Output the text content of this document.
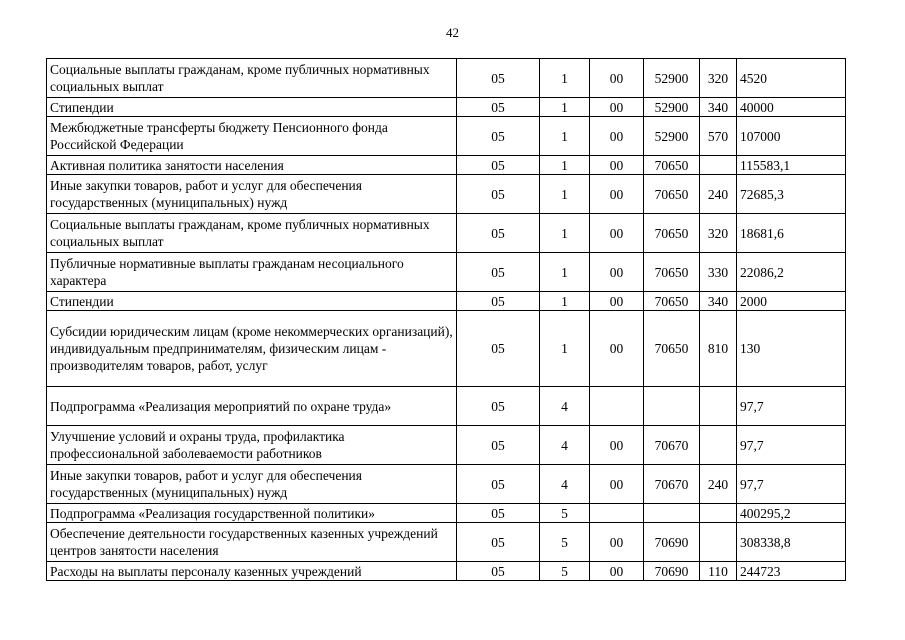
42
Социальные выплаты гражданам, кроме публичных нормативных социальных выплат	05	1	00	52900	320	4520
Стипендии	05	1	00	52900	340	40000
Межбюджетные трансферты бюджету Пенсионного фонда Российской Федерации	05	1	00	52900	570	107000
Активная политика занятости населения	05	1	00	70650		115583,1
Иные закупки товаров, работ и услуг для обеспечения государственных (муниципальных) нужд	05	1	00	70650	240	72685,3
Социальные выплаты гражданам, кроме публичных нормативных социальных выплат	05	1	00	70650	320	18681,6
Публичные нормативные выплаты гражданам несоциального характера	05	1	00	70650	330	22086,2
Стипендии	05	1	00	70650	340	2000
Субсидии юридическим лицам (кроме некоммерческих организаций), индивидуальным предпринимателям, физическим лицам - производителям товаров, работ, услуг	05	1	00	70650	810	130
Подпрограмма «Реализация мероприятий по охране труда»	05	4				97,7
Улучшение условий и охраны труда, профилактика профессиональной заболеваемости работников	05	4	00	70670		97,7
Иные закупки товаров, работ и услуг для обеспечения государственных (муниципальных) нужд	05	4	00	70670	240	97,7
Подпрограмма «Реализация государственной политики»	05	5				400295,2
Обеспечение деятельности государственных казенных учреждений центров занятости населения	05	5	00	70690		308338,8
Расходы на выплаты персоналу казенных учреждений	05	5	00	70690	110	244723
